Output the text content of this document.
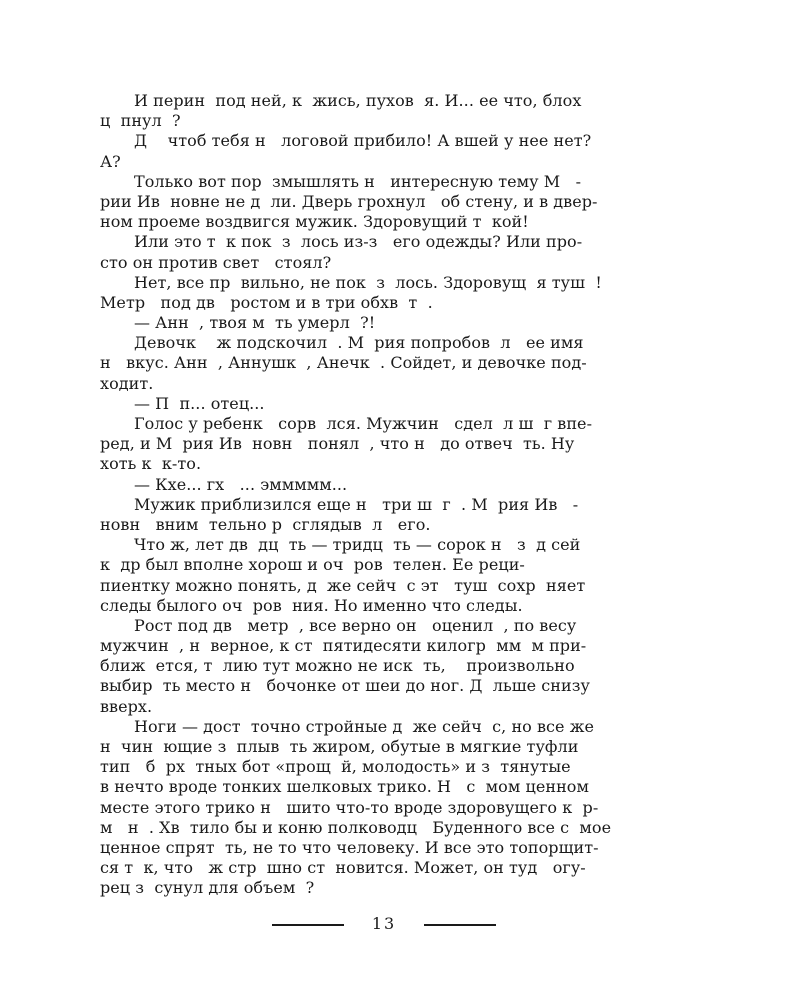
И перин  под ней, к  жись, пухов  я. И... ее что, блох
ц  пнул  ?
Д    чтоб тебя н   логовой прибило! А вшей у нее нет?
А?
Только вот пор  змышлять н   интересную тему М   -
рии Ив  новне не д  ли. Дверь грохнул   об стену, и в двер-
ном проеме воздвигся мужик. Здоровущий т  кой!
Или это т  к пок  з  лось из-з   его одежды? Или про-
сто он против свет   стоял?
Нет, все пр  вильно, не пок  з  лось. Здоровущ  я туш  !
Метр   под дв   ростом и в три обхв  т  .
— Анн  , твоя м  ть умерл  ?!
Девочк    ж подскочил  . М  рия попробов  л   ее имя
н   вкус. Анн  , Аннушк  , Анечк  . Сойдет, и девочке под-
ходит.
— П  п... отец...
Голос у ребенк   сорв  лся. Мужчин   сдел  л ш  г впе-
ред, и М  рия Ив  новн   понял  , что н   до отвеч  ть. Ну
хоть к  к-то.
— Кхе... гх   ... эммммм...
Мужик приблизился еще н   три ш  г  . М  рия Ив   -
новн   вним  тельно р  сглядыв  л   его.
Что ж, лет дв  дц  ть — тридц  ть — сорок н   з  д сей
к  др был вполне хорош и оч  ров  телен. Ее реци-
пиентку можно понять, д  же сейч  с эт   туш  сохр  няет
следы былого оч  ров  ния. Но именно что следы.
Рост под дв   метр  , все верно он   оценил  , по весу
мужчин  , н  верное, к ст  пятидесяти килогр  мм  м при-
ближ  ется, т  лию тут можно не иск  ть,    произвольно
выбир  ть место н   бочонке от шеи до ног. Д  льше снизу
вверх.
Ноги — дост  точно стройные д  же сейч  с, но все же
н  чин  ющие з  плыв  ть жиром, обутые в мягкие туфли
тип   б  рх  тных бот «прощ  й, молодость» и з  тянутые
в нечто вроде тонких шелковых трико. Н   с  мом ценном
месте этого трико н   шито что-то вроде здоровущего к  р-
м   н  . Хв  тило бы и коню полководц   Буденного все с  мое
ценное спрят  ть, не то что человеку. И все это топорщит-
ся т  к, что   ж стр  шно ст  новится. Может, он туд   огу-
рец з  сунул для объем  ?
13
